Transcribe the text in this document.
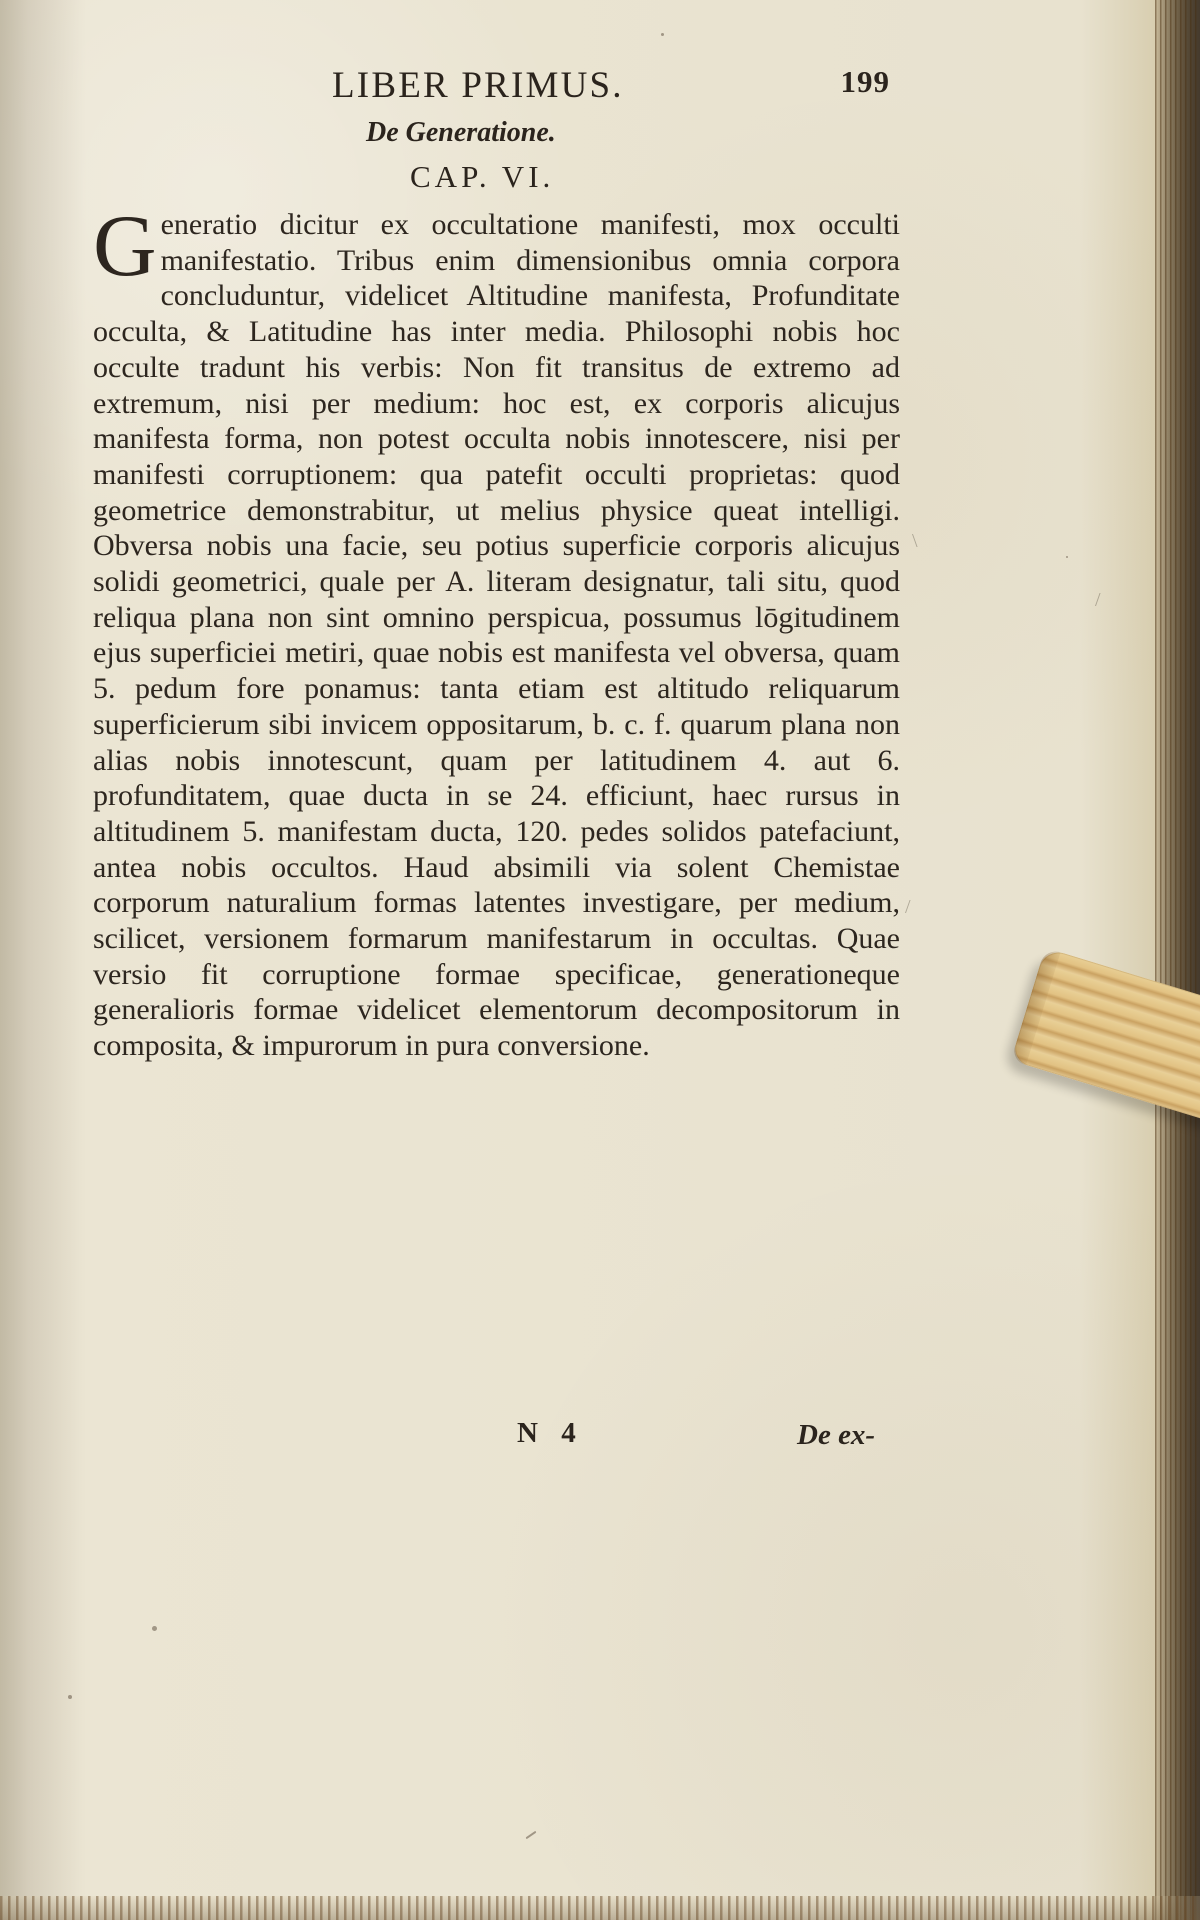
LIBER PRIMUS.	199
De Generatione.
CAP. VI.
Generatio dicitur ex occultatione manifesti, mox occulti manifestatio. Tribus enim dimensionibus omnia corpora concluduntur, videlicet Altitudine manifesta, Profunditate occulta, & Latitudine has inter media. Philosophi nobis hoc occulte tradunt his verbis: Non fit transitus de extremo ad extremum, nisi per medium: hoc est, ex corporis alicujus manifesta forma, non potest occulta nobis innotescere, nisi per manifesti corruptionem: qua patefit occulti proprietas: quod geometrice demonstrabitur, ut melius physice queat intelligi. Obversa nobis una facie, seu potius superficie corporis alicujus solidi geometrici, quale per A. literam designatur, tali situ, quod reliqua plana non sint omnino perspicua, possumus lōgitudinem ejus superficiei metiri, quae nobis est manifesta vel obversa, quam 5. pedum fore ponamus: tanta etiam est altitudo reliquarum superficierum sibi invicem oppositarum, b. c. f. quarum plana non alias nobis innotescunt, quam per latitudinem 4. aut 6. profunditatem, quae ducta in se 24. efficiunt, haec rursus in altitudinem 5. manifestam ducta, 120. pedes solidos patefaciunt, antea nobis occultos. Haud absimili via solent Chemistae corporum naturalium formas latentes investigare, per medium, scilicet, versionem formarum manifestarum in occultas. Quae versio fit corruptione formae specificae, generationeque generalioris formae videlicet elementorum decompositorum in composita, & impurorum in pura conversione.
N 4	De ex-
/
\
/
